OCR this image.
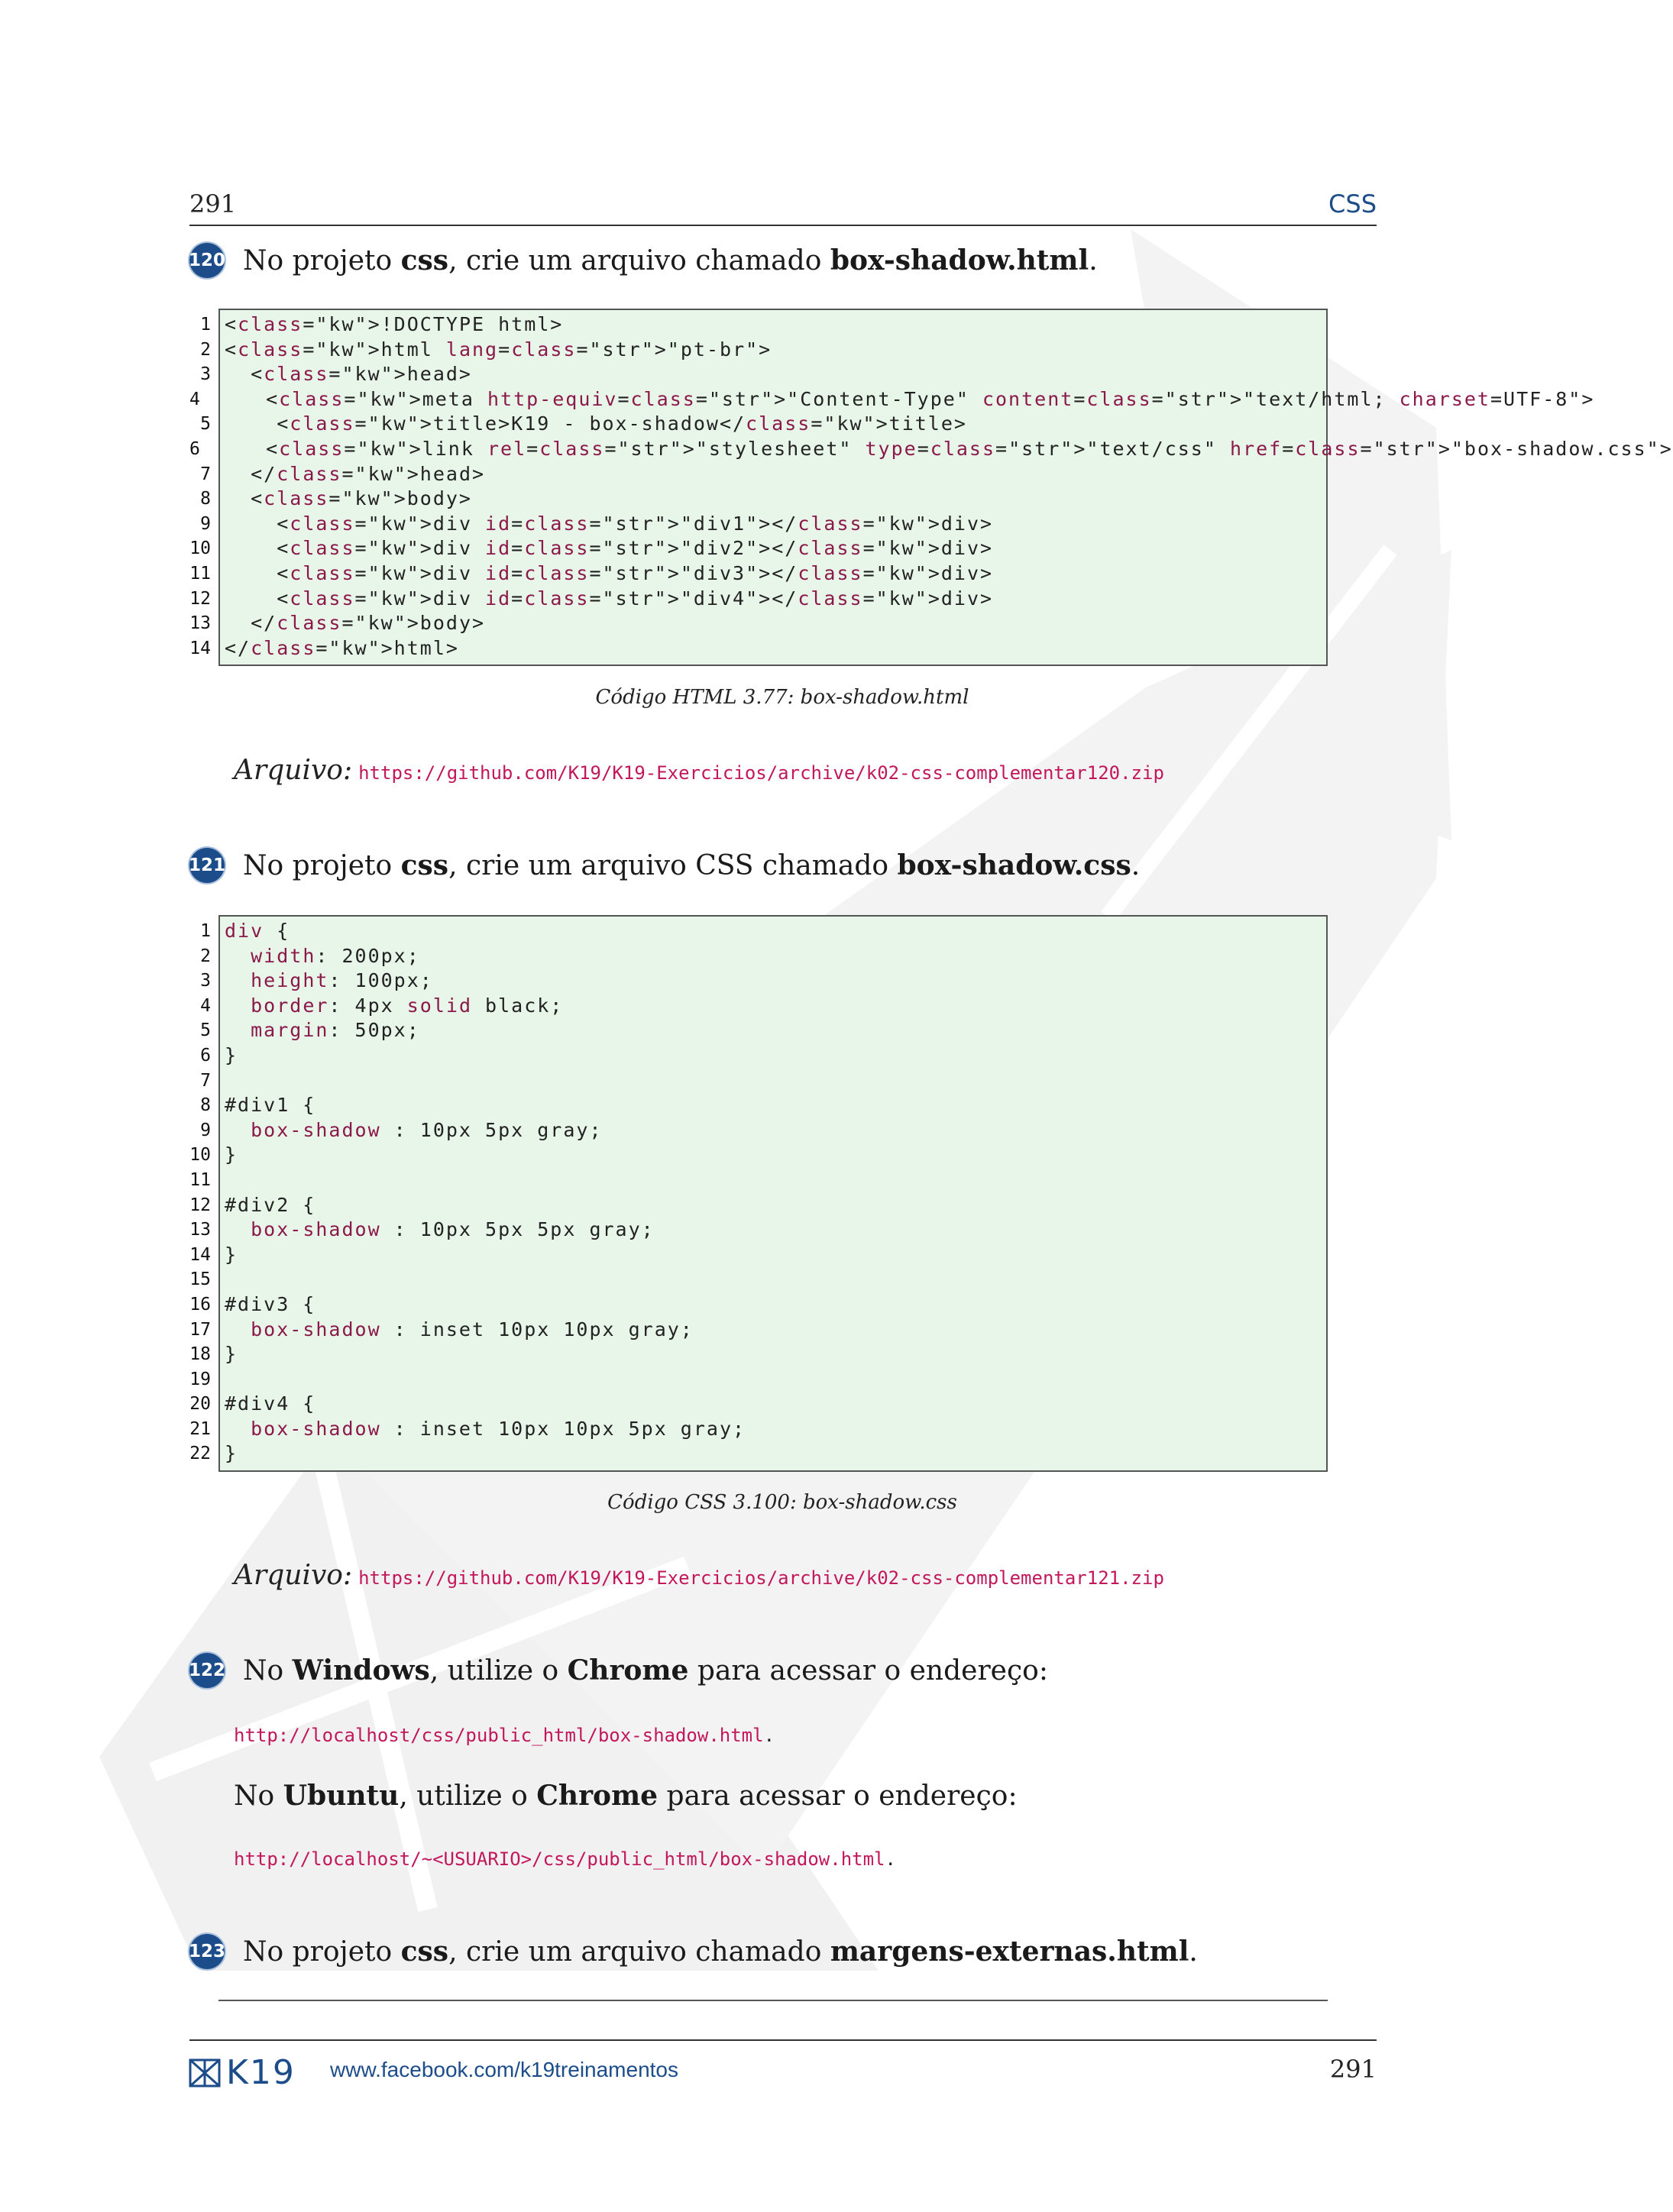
291	CSS
120 No projeto css, crie um arquivo chamado box-shadow.html.
1 <class="kw">!DOCTYPE html>
2 <class="kw">html lang=class="str">"pt-br">
3 <class="kw">head>
4 <class="kw">meta http-equiv=class="str">"Content-Type" content=class="str">"text/html; charset=UTF-8">
5 <class="kw">title>K19 - box-shadow</class="kw">title>
6 <class="kw">link rel=class="str">"stylesheet" type=class="str">"text/css" href=class="str">"box-shadow.css">
7 </class="kw">head>
8 <class="kw">body>
9 <class="kw">div id=class="str">"div1"></class="kw">div>
10 <class="kw">div id=class="str">"div2"></class="kw">div>
11 <class="kw">div id=class="str">"div3"></class="kw">div>
12 <class="kw">div id=class="str">"div4"></class="kw">div>
13 </class="kw">body>
14 </class="kw">html>
Código HTML 3.77: box-shadow.html
Arquivo: https://github.com/K19/K19-Exercicios/archive/k02-css-complementar120.zip
121 No projeto css, crie um arquivo CSS chamado box-shadow.css.
1 div {
2	width: 200px;
3	height: 100px;
4	border: 4px solid black;
5	margin: 50px;
6 }
7
8 #div1 {
9	box-shadow : 10px 5px gray;
10 }
11
12 #div2 {
13	box-shadow : 10px 5px 5px gray;
14 }
15
16 #div3 {
17	box-shadow : inset 10px 10px gray;
18 }
19
20 #div4 {
21	box-shadow : inset 10px 10px 5px gray;
22 }
Código CSS 3.100: box-shadow.css
Arquivo: https://github.com/K19/K19-Exercicios/archive/k02-css-complementar121.zip
122 No Windows, utilize o Chrome para acessar o endereço:
http://localhost/css/public_html/box-shadow.html.
No Ubuntu, utilize o Chrome para acessar o endereço:
http://localhost/~<USUARIO>/css/public_html/box-shadow.html.
123 No projeto css, crie um arquivo chamado margens-externas.html.
K19 www.facebook.com/k19treinamentos	291
